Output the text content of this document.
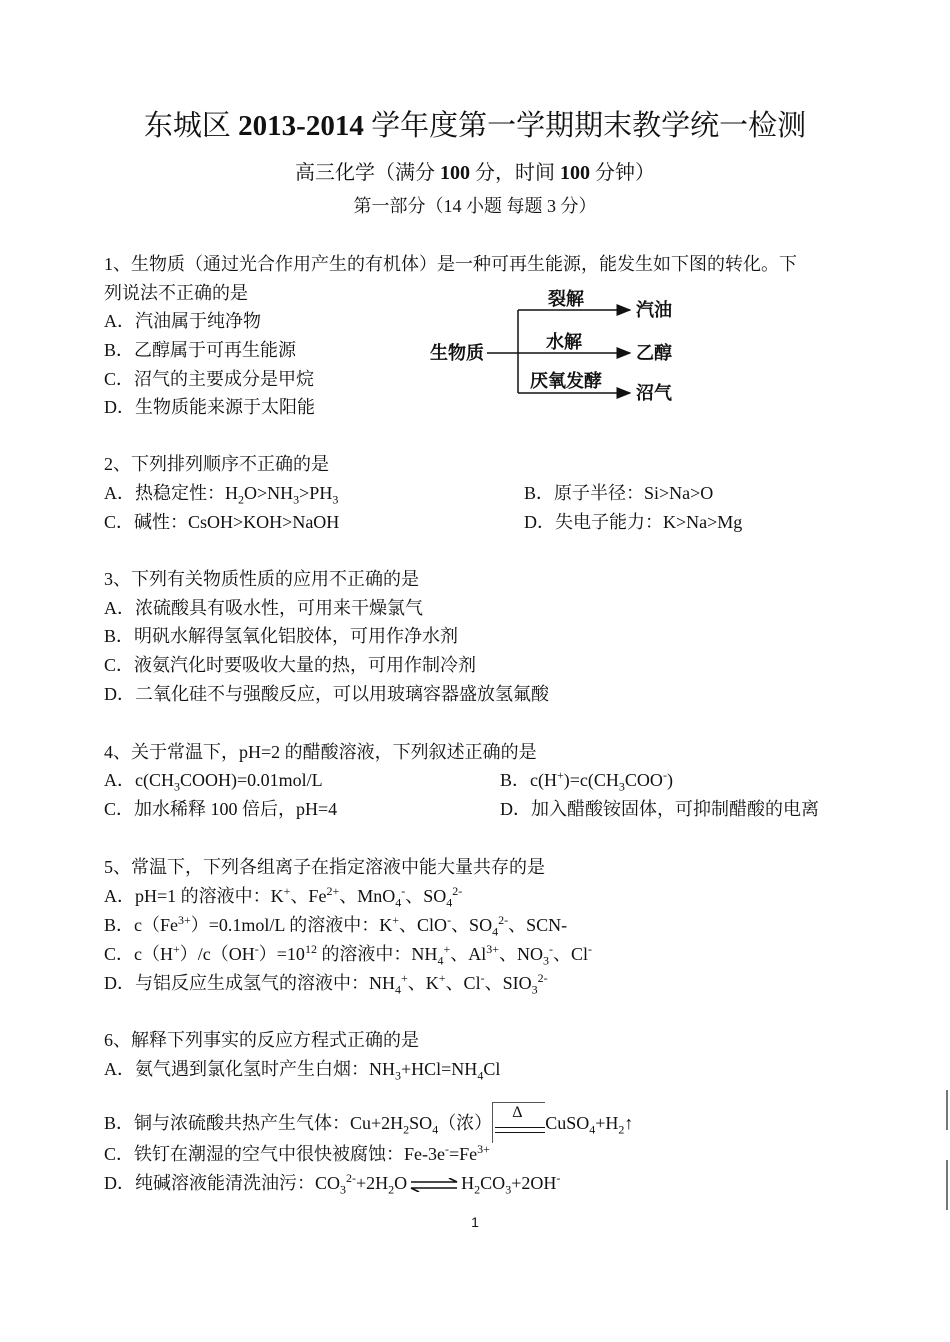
东城区 2013-2014 学年度第一学期期末教学统一检测
高三化学（满分 100 分，时间 100 分钟）
第一部分（14 小题 每题 3 分）
1、生物质（通过光合作用产生的有机体）是一种可再生能源，能发生如下图的转化。下
列说法不正确的是
A．汽油属于纯净物
B．乙醇属于可再生能源
C．沼气的主要成分是甲烷
D．生物质能来源于太阳能
生物质
裂解
水解
厌氧发酵
汽油
乙醇
沼气
2、下列排列顺序不正确的是
A．热稳定性：$H_2O>NH_3>PH_3$	B．原子半径：Si>Na>O
C．碱性：CsOH>KOH>NaOH	D．失电子能力：K>Na>Mg
3、下列有关物质性质的应用不正确的是
A．浓硫酸具有吸水性，可用来干燥氯气
B．明矾水解得氢氧化铝胶体，可用作净水剂
C．液氨汽化时要吸收大量的热，可用作制冷剂
D．二氧化硅不与强酸反应，可以用玻璃容器盛放氢氟酸
4、关于常温下，pH=2 的醋酸溶液，下列叙述正确的是
A．$c(CH_3COOH)=0.01mol/L$	B．$c(H^+)=c(CH_3COO^-)$
C．加水稀释 100 倍后，pH=4	D．加入醋酸铵固体，可抑制醋酸的电离
5、常温下，下列各组离子在指定溶液中能大量共存的是
A．pH=1 的溶液中：K+、$Fe^{2+}$、MnO$_4$-、$SO_4^{2-}$
B．$c(Fe^{3+})=0.1mol/L$ 的溶液中：K+、ClO-、$SO_4^{2-}$、SCN-
C．$c(H^+)/c(OH^-)=10^{12}$ 的溶液中：$NH_4^+$、$Al^{3+}$、$NO_3^-$、Cl-
D．与铝反应生成氢气的溶液中：$NH_4^+$、K+、Cl-、$SIO_3^{2-}$
6、解释下列事实的反应方程式正确的是
A．氨气遇到氯化氢时产生白烟：$NH_3+HCl=NH_4Cl$
B．铜与浓硫酸共热产生气体：$Cu+2H_2SO_4$（浓）
Δ
$CuSO_4+H_2↑$
C．铁钉在潮湿的空气中很快被腐蚀：$Fe-3e^-=Fe^{3+}$
D．纯碱溶液能清洗油污：$CO_3^{2-}+2H_2O$ ⇌ $H_2CO_3+2OH^-$
1
